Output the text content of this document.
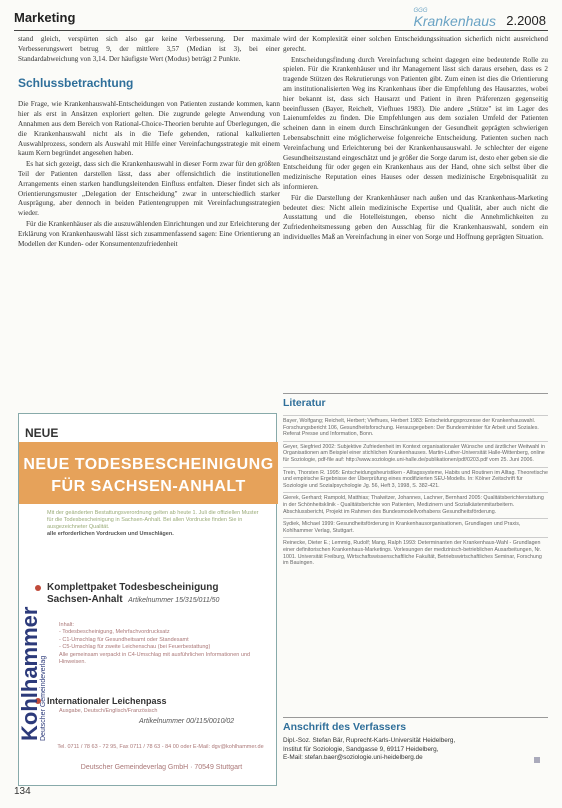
Marketing	GGG
Krankenhaus 2.2008

stand gleich, verspürten sich also gar keine Verbesserung. Der maximale Verbesserungswert betrug 9, der mittlere 3,57 (Median ist 3), bei einer Standardabweichung von 3,14. Der häufigste Wert (Modus) beträgt 2 Punkte.

Schlussbetrachtung

Die Frage, wie Krankenhauswahl-Entscheidungen von Patienten zustande kommen, kann hier als erst in Ansätzen exploriert gelten. Die zugrunde gelegte Anwendung von Annahmen aus dem Bereich von Rational-Choice-Theorien beruhte auf Überlegungen, die die Krankenhauswahl nicht als in die Tiefe gehenden, rational kalkulierten Auswahlprozess, sondern als Auswahl mit Hilfe einer Vereinfachungsstrategie mit einem kaum Kern begründet angesehen haben.

Es hat sich gezeigt, dass sich die Krankenhauswahl in dieser Form zwar für den größten Teil der Patienten darstellen lässt, dass aber offensichtlich die institutionellen Arrangements einen starken handlungsleitenden Einfluss entfalten. Dieser findet sich als Orientierungsmuster „Delegation der Entscheidung" zwar in unterschiedlich starker Ausprägung, aber dennoch in beiden Patientengruppen mit Vereinfachungsstrategien wieder.

Für die Krankenhäuser als die auszuwählenden Einrichtungen und zur Erleichterung der Erklärung von Krankenhauswahl lässt sich zusammenfassend sagen: Eine Orientierung an Modellen der Kunden- oder Konsumentenzufriedenheit

wird der Komplexität einer solchen Entscheidungssituation sicherlich nicht ausreichend gerecht.

Entscheidungsfindung durch Vereinfachung scheint dagegen eine bedeutende Rolle zu spielen. Für die Krankenhäuser und ihr Management lässt sich daraus ersehen, dass es 2 tragende Stützen des Rekrutierungs von Patienten gibt. Zum einen ist dies die Orientierung am institutionalisierten Weg ins Krankenhaus über die Empfehlung des Hausarztes, wobei hier bekannt ist, dass sich Hausarzt und Patient in ihren Präferenzen gegenseitig beeinflussen (Bayer, Reichelt, Viefhues 1983). Die andere „Stütze" ist im Lager des Laienumfeldes zu finden. Die Empfehlungen aus dem sozialen Umfeld der Patienten scheinen dann in einem durch Einschränkungen der Gesundheit geprägten schwierigen Lebensabschnitt eine möglicherweise folgenreiche Entscheidung. Patienten suchen nach Vereinfachung und Erleichterung bei der Krankenhausauswahl. Je schlechter der eigene Gesundheitszustand eingeschätzt und je größer die Sorge darum ist, desto eher geben sie die Entscheidung für oder gegen ein Krankenhaus aus der Hand, ohne sich selbst über die medizinische Reputation eines Hauses oder dessen medizinische Ergebnisqualität zu informieren.

Für die Darstellung der Krankenhäuser nach außen und das Krankenhaus-Marketing bedeutet dies: Nicht allein medizinische Expertise und Qualität, aber auch nicht die Ausstattung und die Hotelleistungen, ebenso nicht die Annehmlichkeiten zu Zufriedenheitsmessung geben den Ausschlag für die Krankenhauswahl, sondern ein individuelles Maß an Vereinfachung in einer von Sorge und Hoffnung geprägten Situation.

NEUE
NEUE TODESBESCHEINIGUNG
FÜR SACHSEN-ANHALT
Mit der geänderten Bestattungsverordnung gelten ab heute 1. Juli die offiziellen Muster für die Todesbescheinigung in Sachsen-Anhalt. Bei allen Vordrucke finden Sie in ausgezeichneter Qualität.
alle erforderlichen Vordrucken und Umschlägen.
Komplettpaket Todesbescheinigung
Sachsen-Anhalt Artikelnummer 15/315/011/50
Inhalt:
- Todesbescheinigung, Mehrfachvordrucksatz
- C1-Umschlag für Gesundheitsamt oder Standesamt
- C5-Umschlag für zweite Leichenschau (bei Feuerbestattung)
Alle gemeinsam verpackt in C4-Umschlag mit ausführlichen Informationen und Hinweisen.
Internationaler Leichenpass
Ausgabe, Deutsch/Englisch/Französisch
Artikelnummer 00/115/0010/02
Tel. 0711 / 78 63 - 72 95, Fax 0711 / 78 63 - 84 00 oder E-Mail: dgv@kohlhammer.de
Deutscher Gemeindeverlag GmbH · 70549 Stuttgart
Kohlhammer
Deutscher Gemeindeverlag
Literatur
Bayer, Wolfgang; Reichelt, Herbert; Viefhues, Herbert 1983: Entscheidungsprozesse der Krankenhauswahl. Forschungsbericht 106, Gesundheitsforschung. Herausgegeben: Der Bundesminister für Arbeit und Soziales. Referat Presse und Information, Bonn.
Geyer, Siegfried 2002: Subjektive Zufriedenheit im Kontext organisationaler Wünsche und ärztlicher Weitwahl in Organisationen am Beispiel einer stichlichen Krankenhauses. Martin-Luther-Universität Halle-Wittenberg, online für Soziologie, pdf-file auf: http://www.soziologie.uni-halle.de/publikationen/pdf/0203.pdf vom 25. Juni 2006.
Trein, Thorsten R. 1995: Entscheidungsheuristiken - Alltagssysteme, Habits und Routinen im Alltag. Theoretische und empirische Ergebnisse der Überprüfung eines modifizierten SEU-Modells. In: Kölner Zeitschrift für Soziologie und Sozialpsychologie Jg. 56, Heft 3, 1998, S. 382-421.
Gierek, Gerhard; Rampold, Matthias; Thalwitzer, Johannes, Lachner, Bernhard 2005: Qualitätsberichterstattung in der Schönheitsklinik - Qualitätsberichte von Patienten, Medizinern und Sozialkästenmitarbeitern. Abschlussbericht, Projekt im Rahmen des Bundesmodellvorhabens Gesundheitsförderung.
Sydiek, Michael 1999: Gesundheitsförderung in Krankenhausorganisationen, Grundlagen und Praxis, Kohlhammer Verlag, Stuttgart.
Reinecke, Dieter E.; Lemmig, Rudolf; Mang, Ralph 1993: Determinanten der Krankenhaus-Wahl - Grundlagen einer definitorischen Krankenhaus-Marketings. Vorlesungen der medizinisch-betrieblichen Ausarbeitungen, Nr. 1001. Universität Freiburg, Wirtschaftswissenschaftliche Fakultät, Betriebswirtschaftliches Seminar, Forschung im Bauingen.
Anschrift des Verfassers

Dipl.-Soz. Stefan Bär, Ruprecht-Karls-Universität Heidelberg,

Institut für Soziologie, Sandgasse 9, 69117 Heidelberg,

E-Mail: stefan.baer@soziologie.uni-heidelberg.de

134
